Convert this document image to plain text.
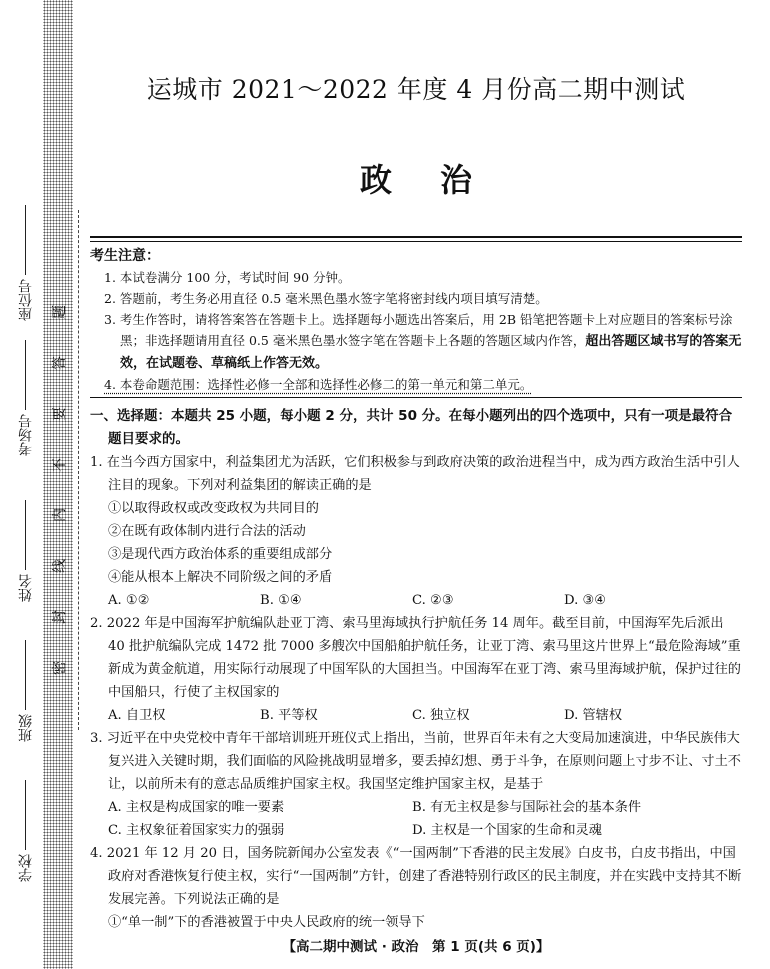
座位号
考场号
姓名
班级
学校
题
答
要
不
内
线
封
密
运城市 2021～2022 年度 4 月份高二期中测试
政治
考生注意：
1. 本试卷满分 100 分，考试时间 90 分钟。
2. 答题前，考生务必用直径 0.5 毫米黑色墨水签字笔将密封线内项目填写清楚。
3. 考生作答时，请将答案答在答题卡上。选择题每小题选出答案后，用 2B 铅笔把答题卡上对应题目的答案标号涂黑；非选择题请用直径 0.5 毫米黑色墨水签字笔在答题卡上各题的答题区域内作答，超出答题区域书写的答案无效，在试题卷、草稿纸上作答无效。
4. 本卷命题范围：选择性必修一全部和选择性必修二的第一单元和第二单元。
一、选择题：本题共 25 小题，每小题 2 分，共计 50 分。在每小题列出的四个选项中，只有一项是最符合题目要求的。
1. 在当今西方国家中，利益集团尤为活跃，它们积极参与到政府决策的政治进程当中，成为西方政治生活中引人注目的现象。下列对利益集团的解读正确的是
①以取得政权或改变政权为共同目的
②在既有政体制内进行合法的活动
③是现代西方政治体系的重要组成部分
④能从根本上解决不同阶级之间的矛盾
A. ①②	B. ①④	C. ②③	D. ③④
2. 2022 年是中国海军护航编队赴亚丁湾、索马里海域执行护航任务 14 周年。截至目前，中国海军先后派出 40 批护航编队完成 1472 批 7000 多艘次中国船舶护航任务，让亚丁湾、索马里这片世界上“最危险海域”重新成为黄金航道，用实际行动展现了中国军队的大国担当。中国海军在亚丁湾、索马里海域护航，保护过往的中国船只，行使了主权国家的
A. 自卫权	B. 平等权	C. 独立权	D. 管辖权
3. 习近平在中央党校中青年干部培训班开班仪式上指出，当前，世界百年未有之大变局加速演进，中华民族伟大复兴进入关键时期，我们面临的风险挑战明显增多，要丢掉幻想、勇于斗争，在原则问题上寸步不让、寸土不让，以前所未有的意志品质维护国家主权。我国坚定维护国家主权，是基于
A. 主权是构成国家的唯一要素	B. 有无主权是参与国际社会的基本条件
C. 主权象征着国家实力的强弱	D. 主权是一个国家的生命和灵魂
4. 2021 年 12 月 20 日，国务院新闻办公室发表《“一国两制”下香港的民主发展》白皮书，白皮书指出，中国政府对香港恢复行使主权，实行“一国两制”方针，创建了香港特别行政区的民主制度，并在实践中支持其不断发展完善。下列说法正确的是
①“单一制”下的香港被置于中央人民政府的统一领导下
【高二期中测试 · 政治　第 1 页(共 6 页)】
